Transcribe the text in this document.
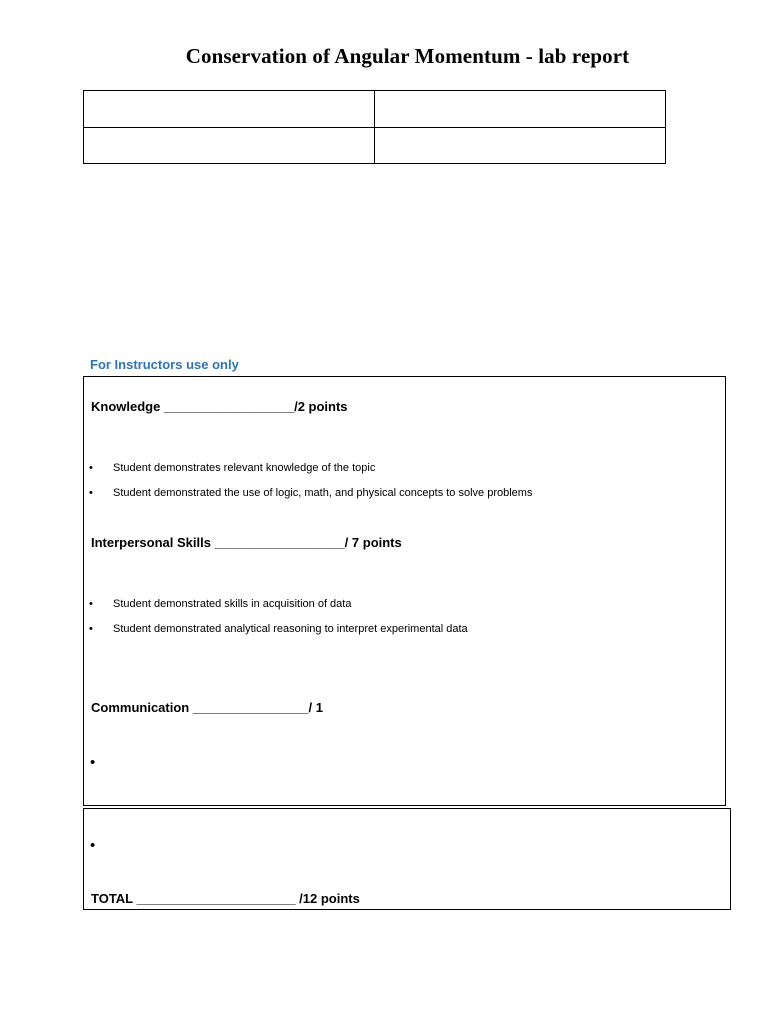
Conservation of Angular Momentum - lab report

For Instructors use only
Knowledge __________________/2 points
• Student demonstrates relevant knowledge of the topic
• Student demonstrated the use of logic, math, and physical concepts to solve problems
Interpersonal Skills __________________/ 7 points
• Student demonstrated skills in acquisition of data
• Student demonstrated analytical reasoning to interpret experimental data
Communication ________________/ 1
•
•
TOTAL ______________________ /12 points
